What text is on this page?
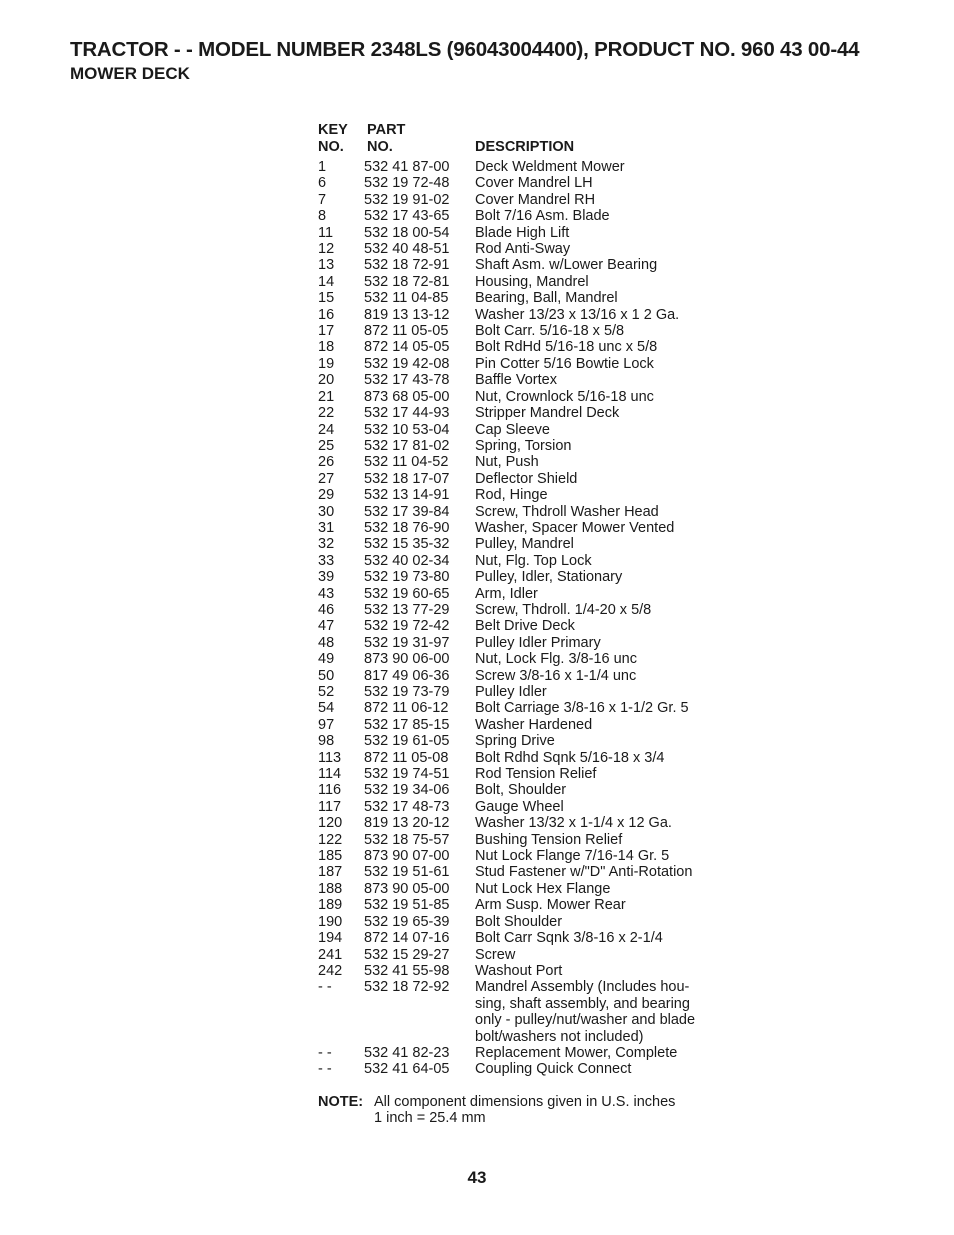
TRACTOR - - MODEL NUMBER 2348LS (96043004400), PRODUCT NO. 960 43 00-44
MOWER DECK
KEY
NO.
PART
NO.	DESCRIPTION
1	532 41 87-00	Deck Weldment Mower
6	532 19 72-48	Cover Mandrel LH
7	532 19 91-02	Cover Mandrel RH
8	532 17 43-65	Bolt 7/16 Asm. Blade
11	532 18 00-54	Blade High Lift
12	532 40 48-51	Rod Anti-Sway
13	532 18 72-91	Shaft Asm. w/Lower Bearing
14	532 18 72-81	Housing, Mandrel
15	532 11 04-85	Bearing, Ball, Mandrel
16	819 13 13-12	Washer 13/23 x 13/16 x 1 2 Ga.
17	872 11 05-05	Bolt Carr. 5/16-18 x 5/8
18	872 14 05-05	Bolt RdHd 5/16-18 unc x 5/8
19	532 19 42-08	Pin Cotter 5/16 Bowtie Lock
20	532 17 43-78	Baffle Vortex
21	873 68 05-00	Nut, Crownlock 5/16-18 unc
22	532 17 44-93	Stripper Mandrel Deck
24	532 10 53-04	Cap Sleeve
25	532 17 81-02	Spring, Torsion
26	532 11 04-52	Nut, Push
27	532 18 17-07	Deflector Shield
29	532 13 14-91	Rod, Hinge
30	532 17 39-84	Screw, Thdroll Washer Head
31	532 18 76-90	Washer, Spacer Mower Vented
32	532 15 35-32	Pulley, Mandrel
33	532 40 02-34	Nut, Flg. Top Lock
39	532 19 73-80	Pulley, Idler, Stationary
43	532 19 60-65	Arm, Idler
46	532 13 77-29	Screw, Thdroll. 1/4-20 x 5/8
47	532 19 72-42	Belt Drive Deck
48	532 19 31-97	Pulley Idler Primary
49	873 90 06-00	Nut, Lock Flg. 3/8-16 unc
50	817 49 06-36	Screw 3/8-16 x 1-1/4 unc
52	532 19 73-79	Pulley Idler
54	872 11 06-12	Bolt Carriage 3/8-16 x 1-1/2 Gr. 5
97	532 17 85-15	Washer Hardened
98	532 19 61-05	Spring Drive
113	872 11 05-08	Bolt Rdhd Sqnk 5/16-18 x 3/4
114	532 19 74-51	Rod Tension Relief
116	532 19 34-06	Bolt, Shoulder
117	532 17 48-73	Gauge Wheel
120	819 13 20-12	Washer 13/32 x 1-1/4 x 12 Ga.
122	532 18 75-57	Bushing Tension Relief
185	873 90 07-00	Nut Lock Flange 7/16-14 Gr. 5
187	532 19 51-61	Stud Fastener w/"D" Anti-Rotation
188	873 90 05-00	Nut Lock Hex Flange
189	532 19 51-85	Arm Susp. Mower Rear
190	532 19 65-39	Bolt Shoulder
194	872 14 07-16	Bolt Carr Sqnk 3/8-16 x 2-1/4
241	532 15 29-27	Screw
242	532 41 55-98	Washout Port
- -	532 18 72-92	Mandrel Assembly (Includes hou-
sing, shaft assembly, and bearing
only - pulley/nut/washer and blade
bolt/washers not included)
- -	532 41 82-23	Replacement Mower, Complete
- -	532 41 64-05	Coupling Quick Connect
NOTE: All component dimensions given in U.S. inches
1 inch = 25.4 mm
43
